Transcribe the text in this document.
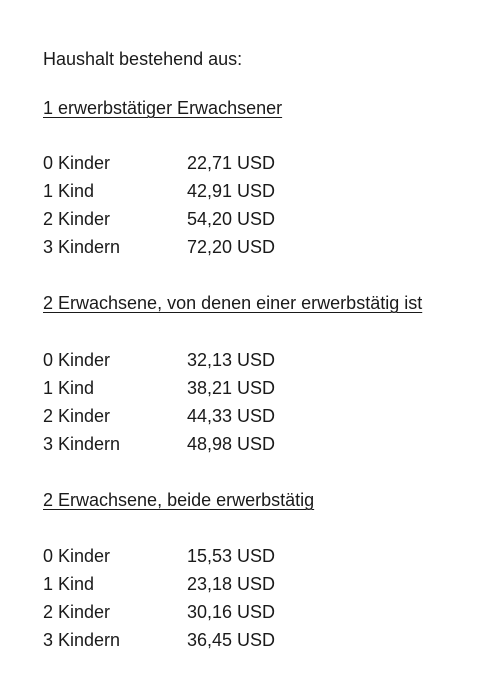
Haushalt bestehend aus:
1 erwerbstätiger Erwachsener
0 Kinder	22,71 USD
1 Kind	42,91 USD
2 Kinder	54,20 USD
3 Kindern	72,20 USD
2 Erwachsene, von denen einer erwerbstätig ist
0 Kinder	32,13 USD
1 Kind	38,21 USD
2 Kinder	44,33 USD
3 Kindern	48,98 USD
2 Erwachsene, beide erwerbstätig
0 Kinder	15,53 USD
1 Kind	23,18 USD
2 Kinder	30,16 USD
3 Kindern	36,45 USD
